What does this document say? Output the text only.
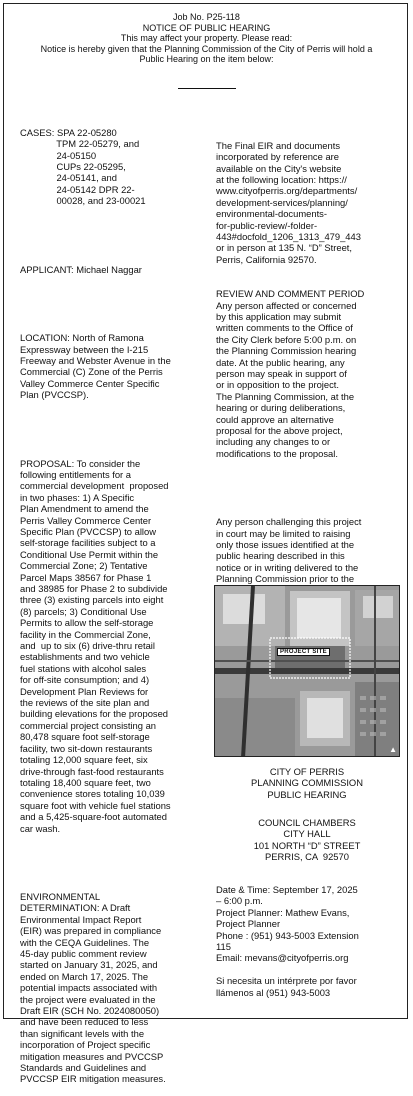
Job No. P25-118
NOTICE OF PUBLIC HEARING
This may affect your property. Please read:
Notice is hereby given that the Planning Commission of the City of Perris will hold a
Public Hearing on the item below:

CASES: SPA 22-05280
TPM 22-05279, and
24-05150
CUPs 22-05295,
24-05141, and
24-05142 DPR 22-
00028, and 23-00021

APPLICANT: Michael Naggar

LOCATION: North of Ramona
Expressway between the I-215
Freeway and Webster Avenue in the
Commercial (C) Zone of the Perris
Valley Commerce Center Specific
Plan (PVCCSP).

PROPOSAL: To consider the
following entitlements for a
commercial development  proposed
in two phases: 1) A Specific
Plan Amendment to amend the
Perris Valley Commerce Center
Specific Plan (PVCCSP) to allow
self-storage facilities subject to a
Conditional Use Permit within the
Commercial Zone; 2) Tentative
Parcel Maps 38567 for Phase 1
and 38985 for Phase 2 to subdivide
three (3) existing parcels into eight
(8) parcels; 3) Conditional Use
Permits to allow the self-storage
facility in the Commercial Zone,
and  up to six (6) drive-thru retail
establishments and two vehicle
fuel stations with alcohol sales
for off-site consumption; and 4)
Development Plan Reviews for
the reviews of the site plan and
building elevations for the proposed
commercial project consisting an
80,478 square foot self-storage
facility, two sit-down restaurants
totaling 12,000 square feet, six
drive-through fast-food restaurants
totaling 18,400 square feet, two
convenience stores totaling 10,039
square foot with vehicle fuel stations
and a 5,425-square-foot automated
car wash.

ENVIRONMENTAL
DETERMINATION: A Draft
Environmental Impact Report
(EIR) was prepared in compliance
with the CEQA Guidelines. The
45-day public comment review
started on January 31, 2025, and
ended on March 17, 2025. The
potential impacts associated with
the project were evaluated in the
Draft EIR (SCH No. 2024080050)
and have been reduced to less
than significant levels with the
incorporation of Project specific
mitigation measures and PVCCSP
Standards and Guidelines and
PVCCSP EIR mitigation measures.

The Final EIR and documents
incorporated by reference are
available on the City's website
at the following location: https://
www.cityofperris.org/departments/
development-services/planning/
environmental-documents-
for-public-review/-folder-
443#docfold_1206_1313_479_443
or in person at 135 N. “D” Street,
Perris, California 92570.

REVIEW AND COMMENT PERIOD
Any person affected or concerned
by this application may submit
written comments to the Office of
the City Clerk before 5:00 p.m. on
the Planning Commission hearing
date. At the public hearing, any
person may speak in support of
or in opposition to the project.
The Planning Commission, at the
hearing or during deliberations,
could approve an alternative
proposal for the above project,
including any changes to or
modifications to the proposal.

Any person challenging this project
in court may be limited to raising
only those issues identified at the
public hearing described in this
notice or in writing delivered to the
Planning Commission prior to the

PROJECT SITE
▲
CITY OF PERRIS
PLANNING COMMISSION
PUBLIC HEARING
COUNCIL CHAMBERS
CITY HALL
101 NORTH “D” STREET
PERRIS, CA  92570
Date & Time: September 17, 2025
– 6:00 p.m.
Project Planner: Mathew Evans,
Project Planner
Phone : (951) 943-5003 Extension
115
Email: mevans@cityofperris.org

Si necesita un intérprete por favor
llámenos al (951) 943-5003
